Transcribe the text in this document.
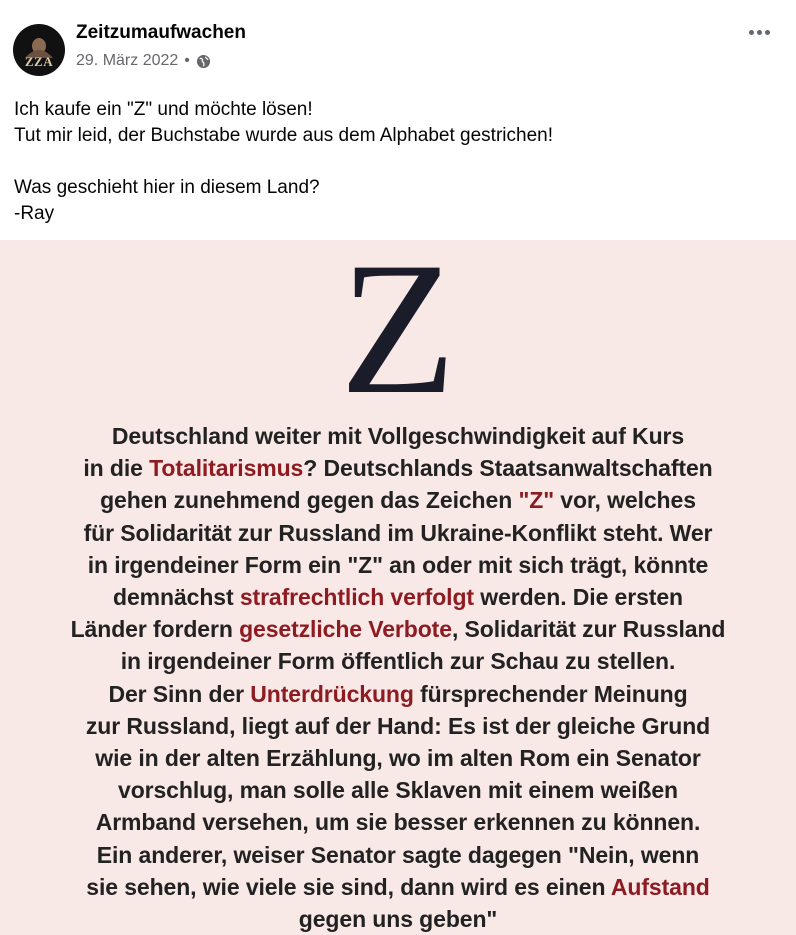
ZZA
Zeitzumaufwachen
29. März 2022 •
Ich kaufe ein "Z" und möchte lösen!
Tut mir leid, der Buchstabe wurde aus dem Alphabet gestrichen!
Was geschieht hier in diesem Land?
-Ray
Z
Deutschland weiter mit Vollgeschwindigkeit auf Kurs
in die Totalitarismus? Deutschlands Staatsanwaltschaften
gehen zunehmend gegen das Zeichen "Z" vor, welches
für Solidarität zur Russland im Ukraine-Konflikt steht. Wer
in irgendeiner Form ein "Z" an oder mit sich trägt, könnte
demnächst strafrechtlich verfolgt werden. Die ersten
Länder fordern gesetzliche Verbote, Solidarität zur Russland
in irgendeiner Form öffentlich zur Schau zu stellen.
Der Sinn der Unterdrückung fürsprechender Meinung
zur Russland, liegt auf der Hand: Es ist der gleiche Grund
wie in der alten Erzählung, wo im alten Rom ein Senator
vorschlug, man solle alle Sklaven mit einem weißen
Armband versehen, um sie besser erkennen zu können.
Ein anderer, weiser Senator sagte dagegen "Nein, wenn
sie sehen, wie viele sie sind, dann wird es einen Aufstand
gegen uns geben"
